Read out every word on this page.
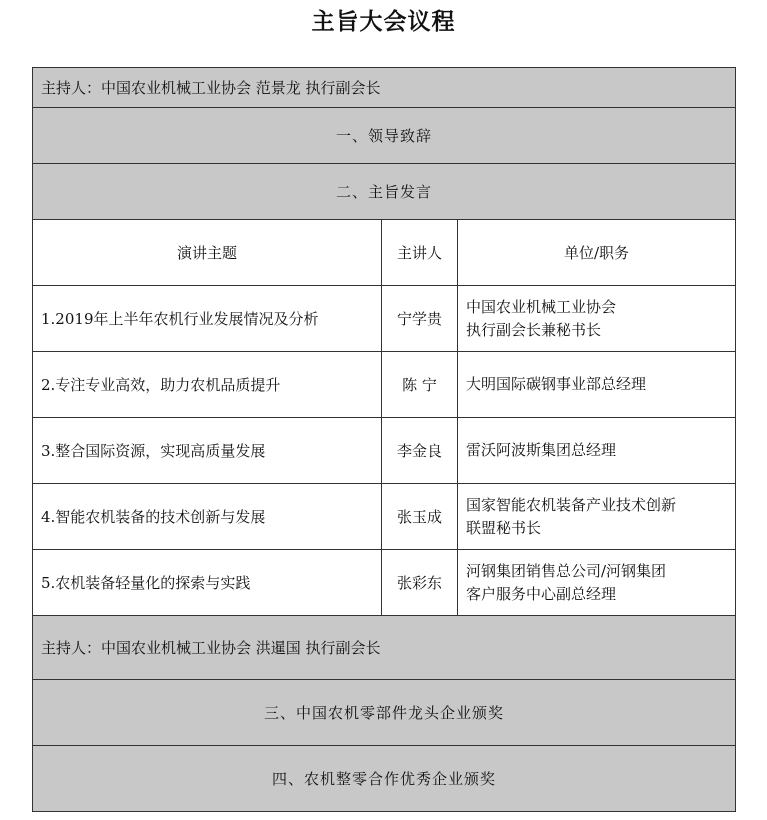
主旨大会议程
主持人：中国农业机械工业协会 范景龙 执行副会长		
一、领导致辞		
二、主旨发言		
演讲主题	主讲人	单位/职务
1.2019年上半年农机行业发展情况及分析	宁学贵	中国农业机械工业协会
执行副会长兼秘书长

2.专注专业高效，助力农机品质提升	陈 宁	大明国际碳钢事业部总经理

3.整合国际资源，实现高质量发展	李金良	雷沃阿波斯集团总经理

4.智能农机装备的技术创新与发展	张玉成	国家智能农机装备产业技术创新
联盟秘书长

5.农机装备轻量化的探索与实践	张彩东	河钢集团销售总公司/河钢集团
客户服务中心副总经理

主持人：中国农业机械工业协会 洪暹国 执行副会长		
三、中国农机零部件龙头企业颁奖		
四、农机整零合作优秀企业颁奖		
